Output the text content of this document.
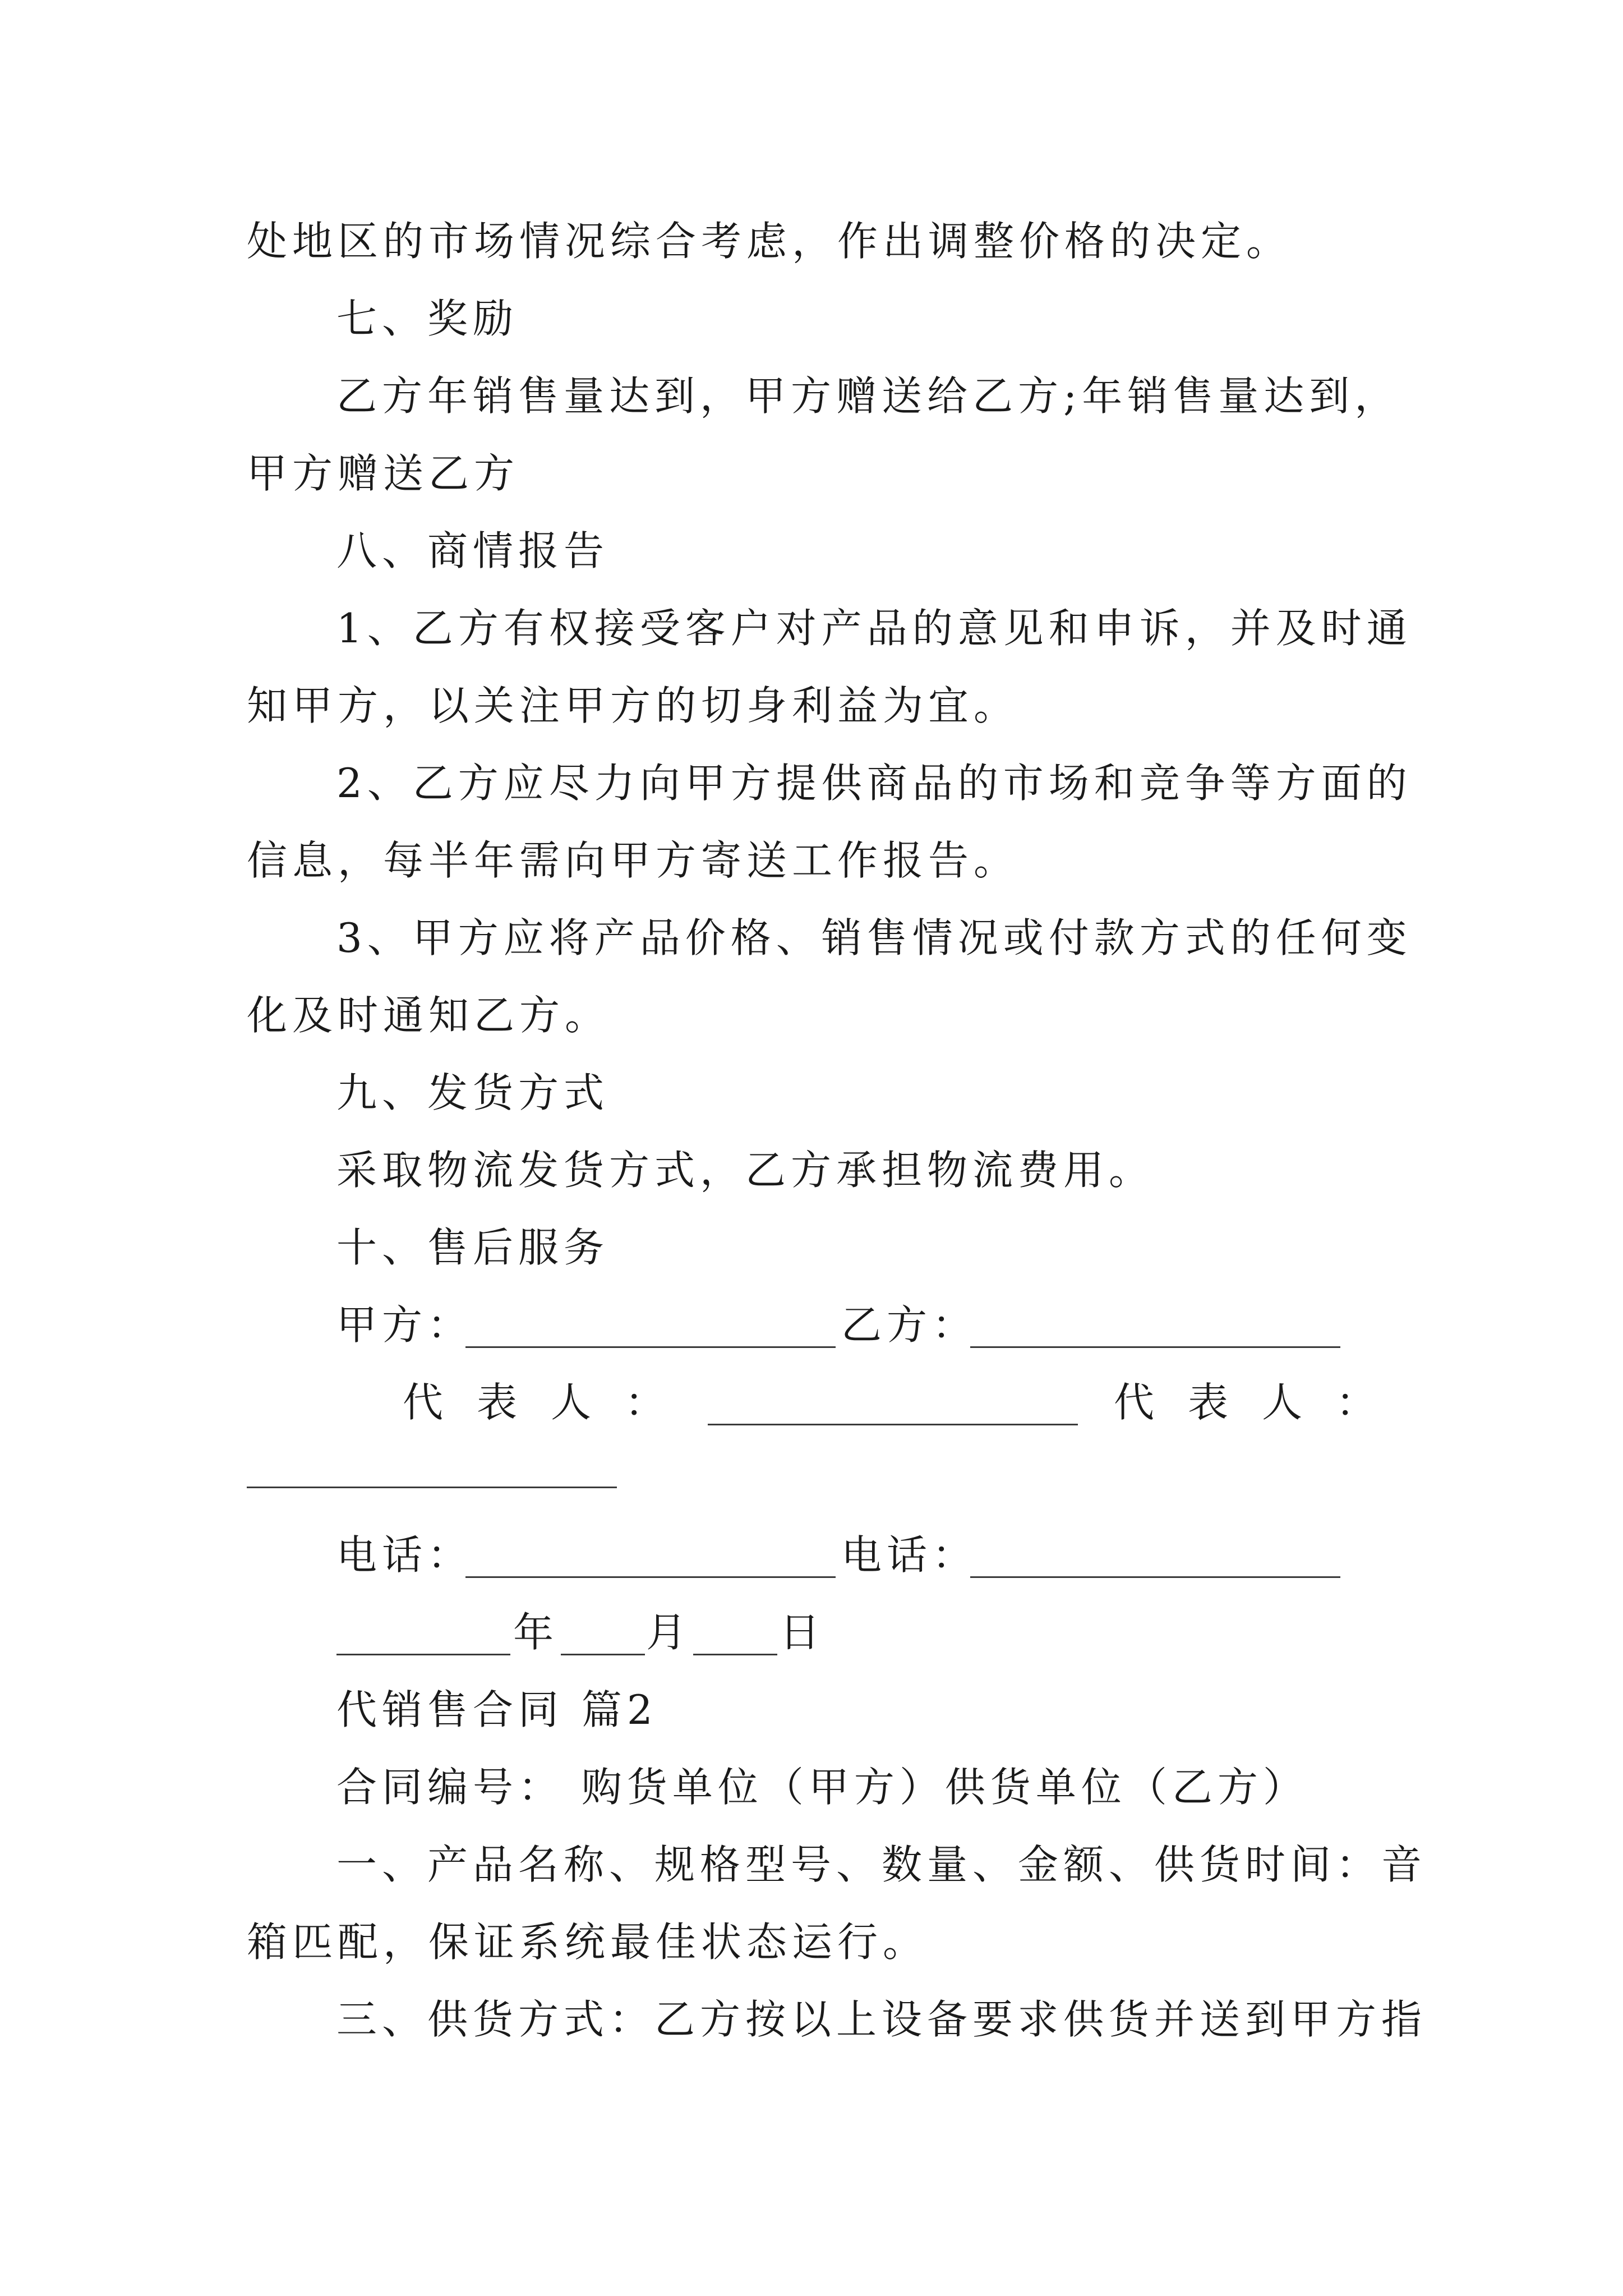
处地区的市场情况综合考虑，作出调整价格的决定。
七、奖励
乙方年销售量达到，甲方赠送给乙方;年销售量达到，
甲方赠送乙方
八、商情报告
1、乙方有权接受客户对产品的意见和申诉，并及时通
知甲方，以关注甲方的切身利益为宜。
2、乙方应尽力向甲方提供商品的市场和竞争等方面的
信息，每半年需向甲方寄送工作报告。
3、甲方应将产品价格、销售情况或付款方式的任何变
化及时通知乙方。
九、发货方式
采取物流发货方式，乙方承担物流费用。
十、售后服务
甲方：	乙方：
代 表 人 ：	代 表 人 ：
电话：	电话：
年 月 日
代销售合同 篇2
合同编号： 购货单位（甲方）供货单位（乙方）
一、产品名称、规格型号、数量、金额、供货时间：音
箱匹配，保证系统最佳状态运行。
三、供货方式：乙方按以上设备要求供货并送到甲方指
